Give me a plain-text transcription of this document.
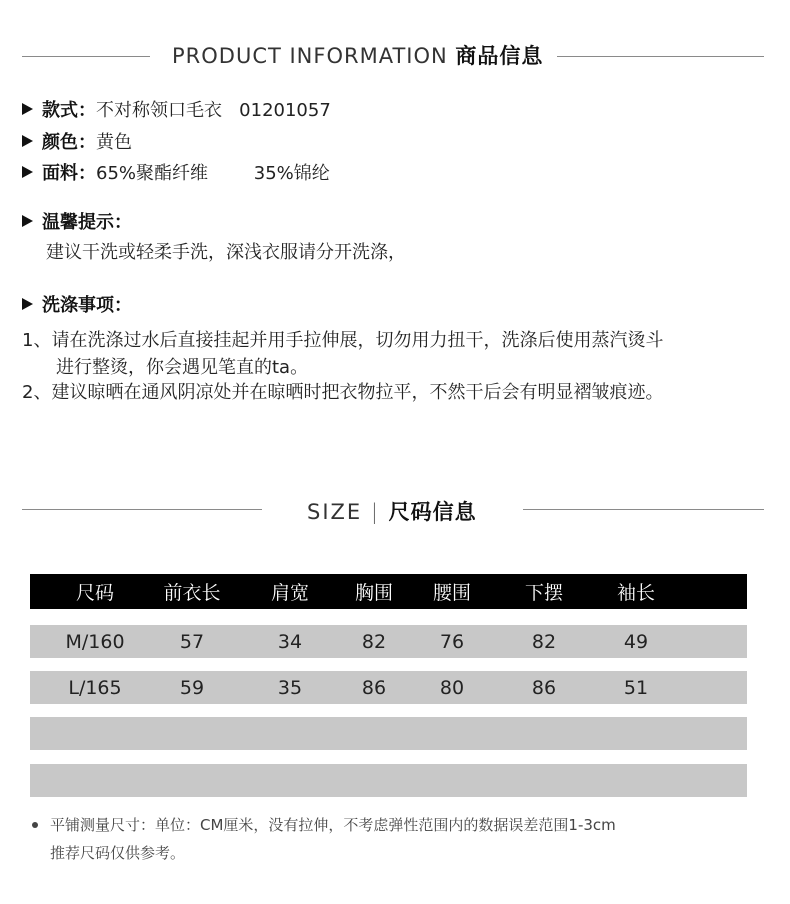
PRODUCT INFORMATION 商品信息
款式：不对称领口毛衣   01201057
颜色：黄色
面料：65%聚酯纤维        35%锦纶
温馨提示：
建议干洗或轻柔手洗，深浅衣服请分开洗涤，
洗涤事项：
1、请在洗涤过水后直接挂起并用手拉伸展，切勿用力扭干，洗涤后使用蒸汽烫斗
进行整烫，你会遇见笔直的ta。
2、建议晾晒在通风阴凉处并在晾晒时把衣物拉平，不然干后会有明显褶皱痕迹。
SIZE | 尺码信息
尺码	前衣长	肩宽	胸围	腰围	下摆	袖长
M/160	57	34	82	76	82	49
L/165	59	35	86	80	86	51
平铺测量尺寸：单位：CM厘米，没有拉伸，不考虑弹性范围内的数据误差范围1-3cm
推荐尺码仅供参考。
